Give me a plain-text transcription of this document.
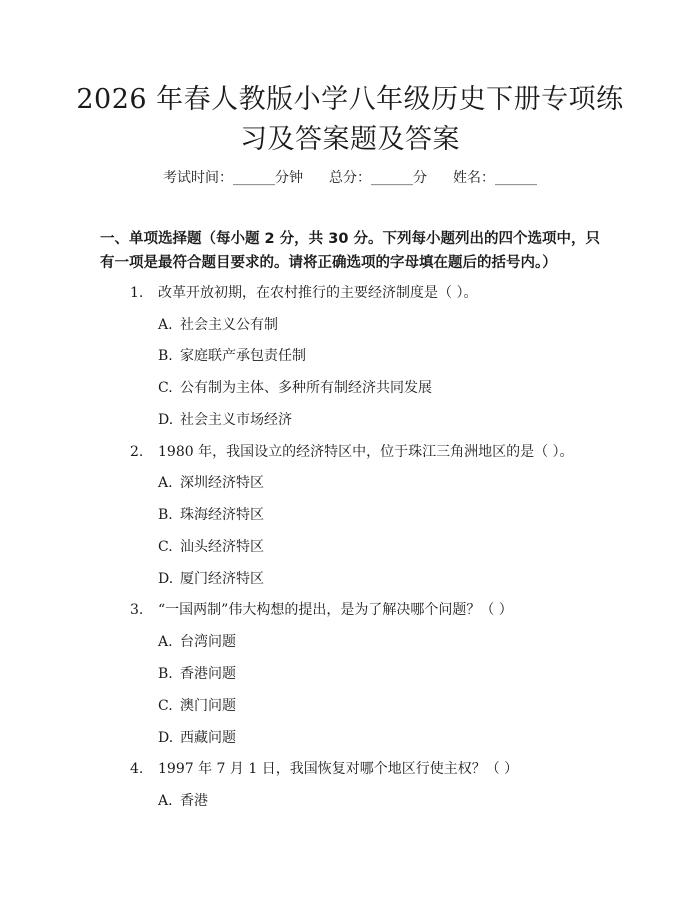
2026 年春人教版小学八年级历史下册专项练
习及答案题及答案
考试时间：______分钟 总分：______分 姓名：______
一、单项选择题（每小题 2 分，共 30 分。下列每小题列出的四个选项中，只有一项是最符合题目要求的。请将正确选项的字母填在题后的括号内。）
1. 改革开放初期，在农村推行的主要经济制度是（ ）。
A. 社会主义公有制
B. 家庭联产承包责任制
C. 公有制为主体、多种所有制经济共同发展
D. 社会主义市场经济
2. 1980 年，我国设立的经济特区中，位于珠江三角洲地区的是（ ）。
A. 深圳经济特区
B. 珠海经济特区
C. 汕头经济特区
D. 厦门经济特区
3. “一国两制”伟大构想的提出，是为了解决哪个问题？（ ）
A. 台湾问题
B. 香港问题
C. 澳门问题
D. 西藏问题
4. 1997 年 7 月 1 日，我国恢复对哪个地区行使主权？（ ）
A. 香港
